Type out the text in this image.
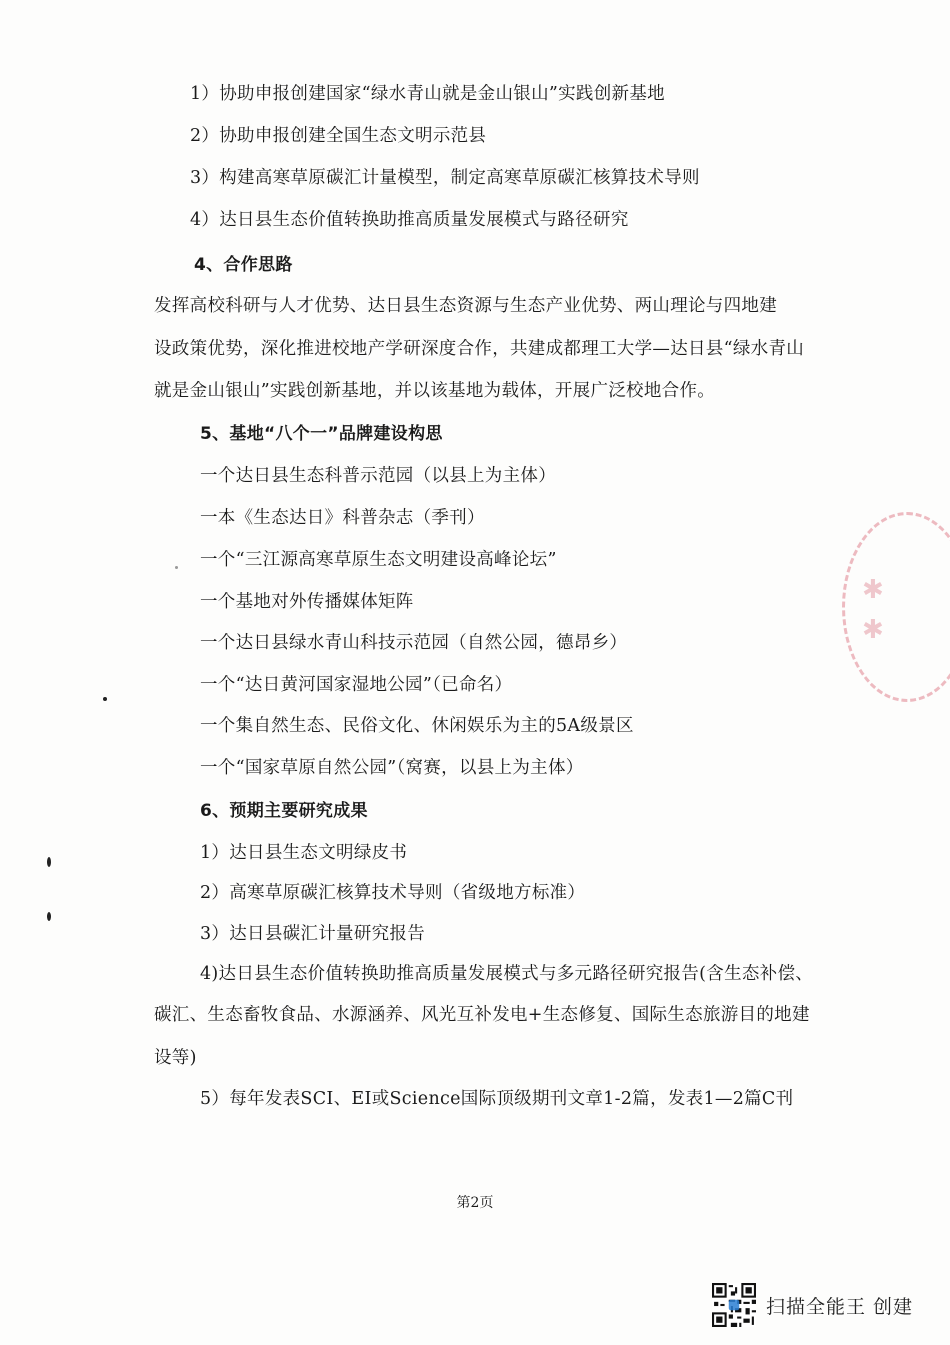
1）协助申报创建国家“绿水青山就是金山银山”实践创新基地
2）协助申报创建全国生态文明示范县
3）构建高寒草原碳汇计量模型，制定高寒草原碳汇核算技术导则
4）达日县生态价值转换助推高质量发展模式与路径研究
4、合作思路
发挥高校科研与人才优势、达日县生态资源与生态产业优势、两山理论与四地建
设政策优势，深化推进校地产学研深度合作，共建成都理工大学—达日县“绿水青山
就是金山银山”实践创新基地，并以该基地为载体，开展广泛校地合作。
5、基地“八个一”品牌建设构思
一个达日县生态科普示范园（以县上为主体）
一本《生态达日》科普杂志（季刊）
一个“三江源高寒草原生态文明建设高峰论坛”
一个基地对外传播媒体矩阵
一个达日县绿水青山科技示范园（自然公园，德昂乡）
一个“达日黄河国家湿地公园”（已命名）
一个集自然生态、民俗文化、休闲娱乐为主的5A级景区
一个“国家草原自然公园”（窝赛，以县上为主体）
6、预期主要研究成果
1）达日县生态文明绿皮书
2）高寒草原碳汇核算技术导则（省级地方标准）
3）达日县碳汇计量研究报告
4)达日县生态价值转换助推高质量发展模式与多元路径研究报告(含生态补偿、
碳汇、生态畜牧食品、水源涵养、风光互补发电+生态修复、国际生态旅游目的地建
设等)
5）每年发表SCI、EI或Science国际顶级期刊文章1-2篇，发表1—2篇C刊
第2页
✱
✱
扫描全能王 创建
